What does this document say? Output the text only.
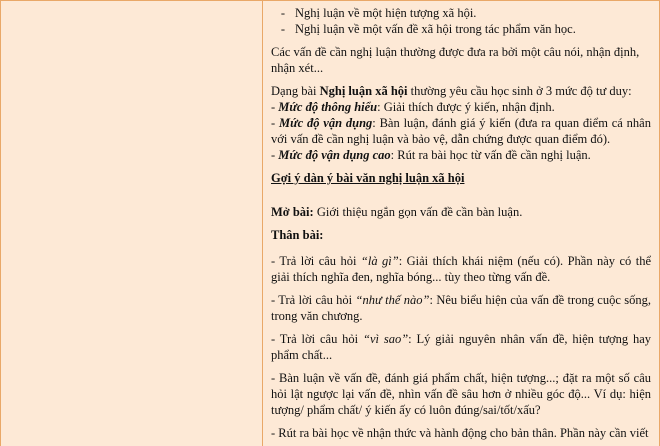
- Nghị luận về một hiện tượng xã hội.
- Nghị luận về một vấn đề xã hội trong tác phẩm văn học.

Các vấn đề cần nghị luận thường được đưa ra bởi một câu nói, nhận định, nhận xét...

Dạng bài Nghị luận xã hội thường yêu cầu học sinh ở 3 mức độ tư duy:

- Mức độ thông hiểu: Giải thích được ý kiến, nhận định.

- Mức độ vận dụng: Bàn luận, đánh giá ý kiến (đưa ra quan điểm cá nhân với vấn đề cần nghị luận và bảo vệ, dẫn chứng được quan điểm đó).

- Mức độ vận dụng cao: Rút ra bài học từ vấn đề cần nghị luận.

Gợi ý dàn ý bài văn nghị luận xã hội

Mở bài: Giới thiệu ngắn gọn vấn đề cần bàn luận.

Thân bài:

- Trả lời câu hỏi “là gì”: Giải thích khái niệm (nếu có). Phần này có thể giải thích nghĩa đen, nghĩa bóng... tùy theo từng vấn đề.

- Trả lời câu hỏi “như thế nào”: Nêu biểu hiện của vấn đề trong cuộc sống, trong văn chương.

- Trả lời câu hỏi “vì sao”: Lý giải nguyên nhân vấn đề, hiện tượng hay phẩm chất...

- Bàn luận về vấn đề, đánh giá phẩm chất, hiện tượng...; đặt ra một số câu hỏi lật ngược lại vấn đề, nhìn vấn đề sâu hơn ở nhiều góc độ... Ví dụ: hiện tượng/ phẩm chất/ ý kiến ấy có luôn đúng/sai/tốt/xấu?

- Rút ra bài học về nhận thức và hành động cho bản thân. Phần này cần viết
